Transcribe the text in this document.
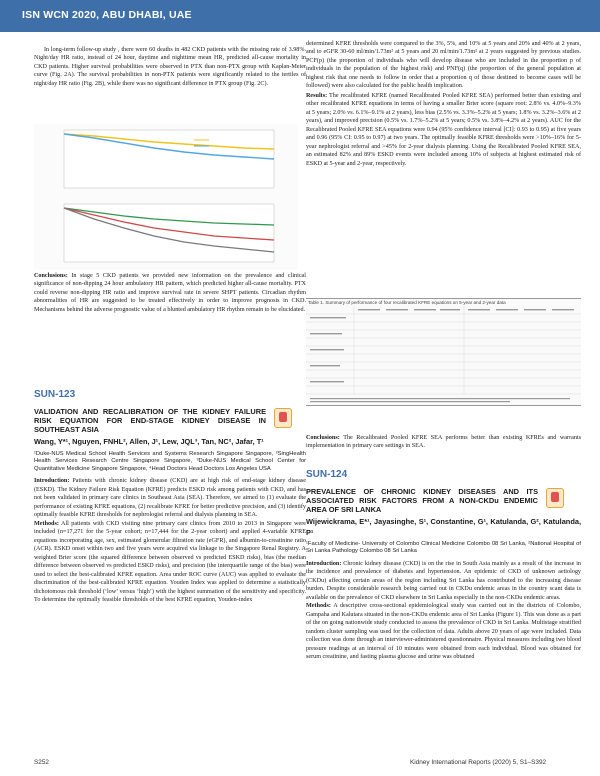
ISN WCN 2020, ABU DHABI, UAE

In long-term follow-up study , there were 60 deaths in 482 CKD patients with the missing rate of 3.98%. Night/day HR ratio, instead of 24 hour, daytime and nighttime mean HR, predicted all-cause mortality in CKD patients. Higher survival probabilities were observed in PTX than non-PTX group with Kaplan-Meier curve (Fig. 2A). The survival probabilities in non-PTX patients were significantly related to the tertiles of night/day HR ratio (Fig. 2B), while there was no significant difference in PTX group (Fig. 2C).

Conclusions: In stage 5 CKD patients we provided new information on the prevalence and clinical significance of non-dipping 24 hour ambulatory HR pattern, which predicted higher all-cause mortality. PTX could reverse non-dipping HR ratio and improve survival rate in severe SHPT patients. Circadian rhythm abnormalities of HR are suggested to be treated effectively in order to improve prognosis in CKD. Mechanisms behind the adverse prognostic value of a blunted ambulatory HR rhythm remain to be elucidated.

SUN-123

VALIDATION AND RECALIBRATION OF THE KIDNEY FAILURE RISK EQUATION FOR END-STAGE KIDNEY DISEASE IN SOUTHEAST ASIA

Wang, Y*¹, Nguyen, FNHL², Allen, J¹, Lew, JQL³, Tan, NC², Jafar, T¹

¹Duke-NUS Medical School Health Services and Systems Research Singapore Singapore, ²SingHealth Health Services Research Centre Singapore Singapore, ³Duke-NUS Medical School Center for Quantitative Medicine Singapore Singapore, ⁴Head Doctors Head Doctors Los Angeles USA

Introduction: Patients with chronic kidney disease (CKD) are at high risk of end-stage kidney disease (ESKD). The Kidney Failure Risk Equation (KFRE) predicts ESKD risk among patients with CKD, and has not been validated in primary care clinics in Southeast Asia (SEA). Therefore, we aimed to (1) evaluate the performance of existing KFRE equations, (2) recalibrate KFRE for better predictive precision, and (3) identify optimally feasible KFRE thresholds for nephrologist referral and dialysis planning in SEA.

Methods: All patients with CKD visiting nine primary care clinics from 2010 to 2013 in Singapore were included (n=17,271 for the 5-year cohort; n=17,444 for the 2-year cohort) and applied 4-variable KFRE equations incorporating age, sex, estimated glomerular filtration rate (eGFR), and albumin-to-creatinine ratio (ACR). ESKD onset within two and five years were acquired via linkage to the Singapore Renal Registry. A weighted Brier score (the squared difference between observed vs predicted ESKD risks), bias (the median difference between observed vs predicted ESKD risks), and precision (the interquartile range of the bias) were used to select the best-calibrated KFRE equation. Area under ROC curve (AUC) was applied to evaluate the discrimination of the best-calibrated KFRE equation. Youden Index was applied to determine a statistically dichotomous risk threshold (‘low’ versus ‘high’) with the highest summation of the sensitivity and specificity. To determine the optimally feasible thresholds of the best KFRE equation, Youden-index

determined KFRE thresholds were compared to the 3%, 5%, and 10% at 5 years and 20% and 40% at 2 years, and to eGFR 30-60 ml/min/1.73m² at 5 years and 20 ml/min/1.73m² at 2 years suggested by previous studies. PCF(p) (the proportion of individuals who will develop disease who are included in the proportion p of individuals in the population of the highest risk) and PNF(q) (the proportion of the general population at highest risk that one needs to follow in order that a proportion q of those destined to become cases will be followed) were also calculated for the public health implication.

Results: The recalibrated KFRE (named Recalibrated Pooled KFRE SEA) performed better than existing and other recalibrated KFRE equations in terms of having a smaller Brier score (square root: 2.8% vs. 4.0%–9.3% at 5 years; 2.0% vs. 6.1%–9.1% at 2 years), less bias (2.5% vs. 3.3%–5.2% at 5 years; 1.8% vs. 3.2%–3.6% at 2 years), and improved precision (0.5% vs. 1.7%–5.2% at 5 years; 0.5% vs. 3.8%–4.2% at 2 years). AUC for the Recalibrated Pooled KFRE SEA equations were 0.94 (95% confidence interval [CI]: 0.93 to 0.95) at five years and 0.96 (95% CI: 0.95 to 0.97) at two years. The optimally feasible KFRE thresholds were >10%–16% for 5-year nephrologist referral and >45% for 2-year dialysis planning. Using the Recalibrated Pooled KFRE SEA, an estimated 82% and 89% ESKD events were included among 10% of subjects at highest estimated risk of ESKD at 5-year and 2-year, respectively.

Table 1. Summary of performance of four recalibrated KFRE equations on 5-year and 2-year data

Conclusions: The Recalibrated Pooled KFRE SEA performs better than existing KFREs and warrants implementation in primary care settings in SEA.

SUN-124

PREVALENCE OF CHRONIC KIDNEY DISEASES AND ITS ASSOCIATED RISK FACTORS FROM A NON-CKDu ENDEMIC AREA OF SRI LANKA

Wijewickrama, E*¹, Jayasinghe, S¹, Constantine, G¹, Katulanda, G², Katulanda, P¹

¹Faculty of Medicine- University of Colombo Clinical Medicine Colombo 08 Sri Lanka, ²National Hospital of Sri Lanka Pathology Colombo 08 Sri Lanka

Introduction: Chronic kidney disease (CKD) is on the rise in South Asia mainly as a result of the increase in the incidence and prevalence of diabetes and hypertension. An epidemic of CKD of unknown aetiology (CKDu) affecting certain areas of the region including Sri Lanka has contributed to the increasing disease burden. Despite considerable research being carried out in CKDu endemic areas in the country scant data is available on the prevalence of CKD elsewhere in Sri Lanka especially in the non-CKDu endemic areas.

Methods: A descriptive cross-sectional epidemiological study was carried out in the districts of Colombo, Gampaha and Kalutara situated in the non-CKDu endemic area of Sri Lanka (Figure 1). This was done as a part of the on going nationwide study conducted to assess the prevalence of CKD in Sri Lanka. Multistage stratified random cluster sampling was used for the collection of data. Adults above 20 years of age were included. Data collection was done through an interviewer-administered questionnaire. Physical measures including two blood pressure readings at an interval of 10 minutes were obtained from each individual. Blood was obtained for serum creatinine, and fasting plasma glucose and urine was obtained

S252	Kidney International Reports (2020) 5, S1–S392
